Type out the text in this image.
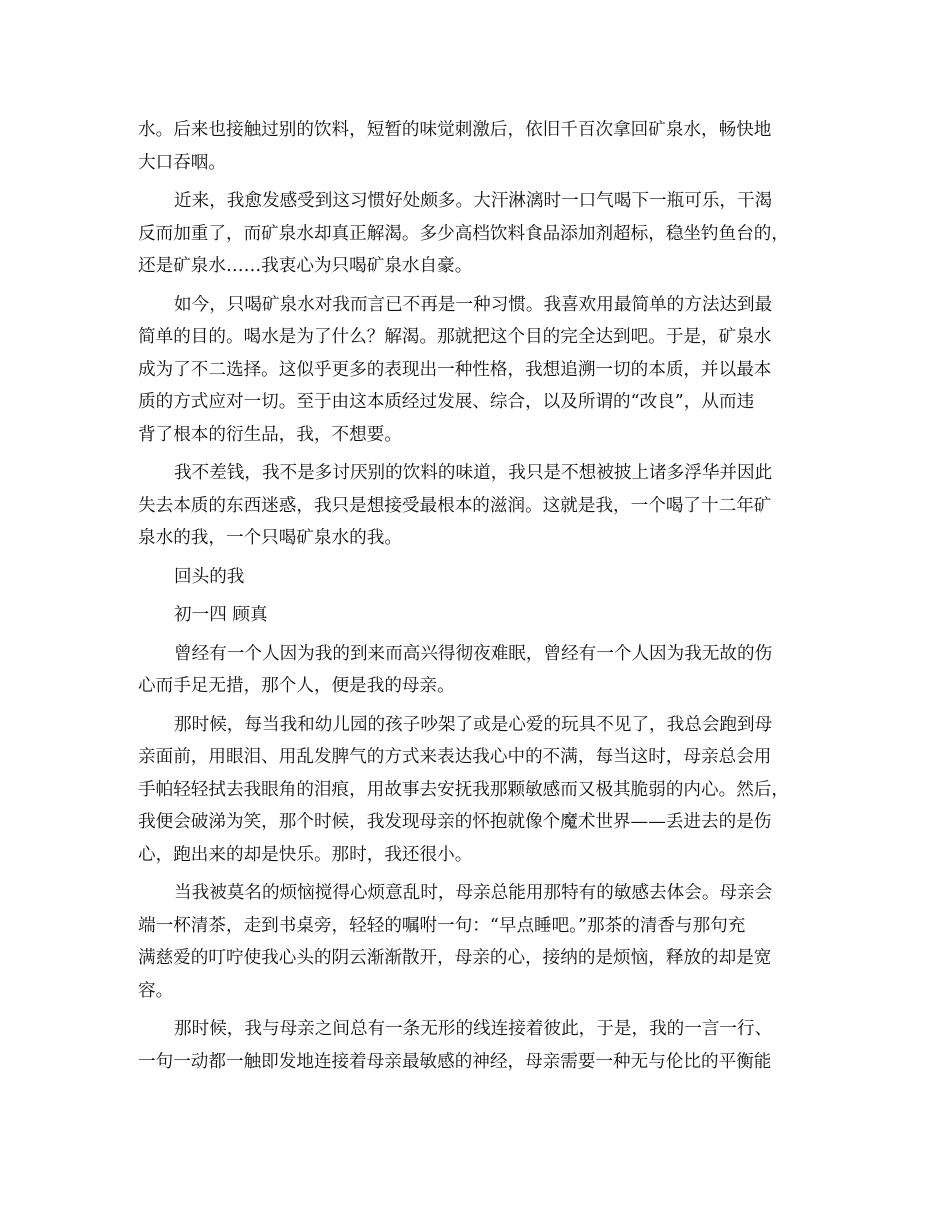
水。后来也接触过别的饮料，短暂的味觉刺激后，依旧千百次拿回矿泉水，畅快地
大口吞咽。
近来，我愈发感受到这习惯好处颇多。大汗淋漓时一口气喝下一瓶可乐，干渴
反而加重了，而矿泉水却真正解渴。多少高档饮料食品添加剂超标，稳坐钓鱼台的，
还是矿泉水……我衷心为只喝矿泉水自豪。
如今，只喝矿泉水对我而言已不再是一种习惯。我喜欢用最简单的方法达到最
简单的目的。喝水是为了什么？解渴。那就把这个目的完全达到吧。于是，矿泉水
成为了不二选择。这似乎更多的表现出一种性格，我想追溯一切的本质，并以最本
质的方式应对一切。至于由这本质经过发展、综合，以及所谓的“改良”，从而违
背了根本的衍生品，我，不想要。
我不差钱，我不是多讨厌别的饮料的味道，我只是不想被披上诸多浮华并因此
失去本质的东西迷惑，我只是想接受最根本的滋润。这就是我，一个喝了十二年矿
泉水的我，一个只喝矿泉水的我。
回头的我
初一四 顾真
曾经有一个人因为我的到来而高兴得彻夜难眠，曾经有一个人因为我无故的伤
心而手足无措，那个人，便是我的母亲。
那时候，每当我和幼儿园的孩子吵架了或是心爱的玩具不见了，我总会跑到母
亲面前，用眼泪、用乱发脾气的方式来表达我心中的不满，每当这时，母亲总会用
手帕轻轻拭去我眼角的泪痕，用故事去安抚我那颗敏感而又极其脆弱的内心。然后，
我便会破涕为笑，那个时候，我发现母亲的怀抱就像个魔术世界——丢进去的是伤
心，跑出来的却是快乐。那时，我还很小。
当我被莫名的烦恼搅得心烦意乱时，母亲总能用那特有的敏感去体会。母亲会
端一杯清茶，走到书桌旁，轻轻的嘱咐一句：“早点睡吧。”那茶的清香与那句充
满慈爱的叮咛使我心头的阴云渐渐散开，母亲的心，接纳的是烦恼，释放的却是宽
容。
那时候，我与母亲之间总有一条无形的线连接着彼此，于是，我的一言一行、
一句一动都一触即发地连接着母亲最敏感的神经，母亲需要一种无与伦比的平衡能
